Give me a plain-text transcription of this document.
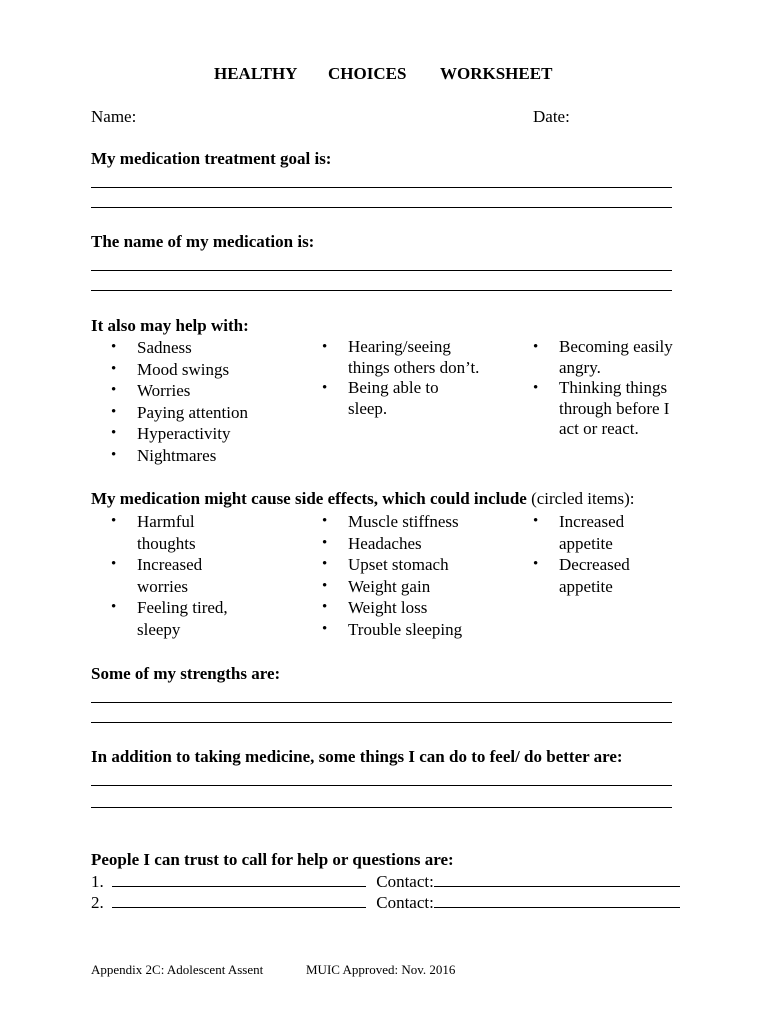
HEALTHY CHOICES WORKSHEET
Name:	Date:
My medication treatment goal is:
The name of my medication is:
It also may help with:
• Sadness
• Mood swings
• Worries
• Paying attention
• Hyperactivity
• Nightmares
• Hearing/seeing things others don’t.
• Being able to sleep.
• Becoming easily angry.
• Thinking things through before I act or react.
My medication might cause side effects, which could include (circled items):
• Harmful thoughts
• Increased worries
• Feeling tired, sleepy
• Muscle stiffness
• Headaches
• Upset stomach
• Weight gain
• Weight loss
• Trouble sleeping
• Increased appetite
• Decreased appetite
Some of my strengths are:
In addition to taking medicine, some things I can do to feel/ do better are:
People I can trust to call for help or questions are:
1.	Contact:
2.	Contact:
Appendix 2C: Adolescent Assent	MUIC Approved: Nov. 2016
